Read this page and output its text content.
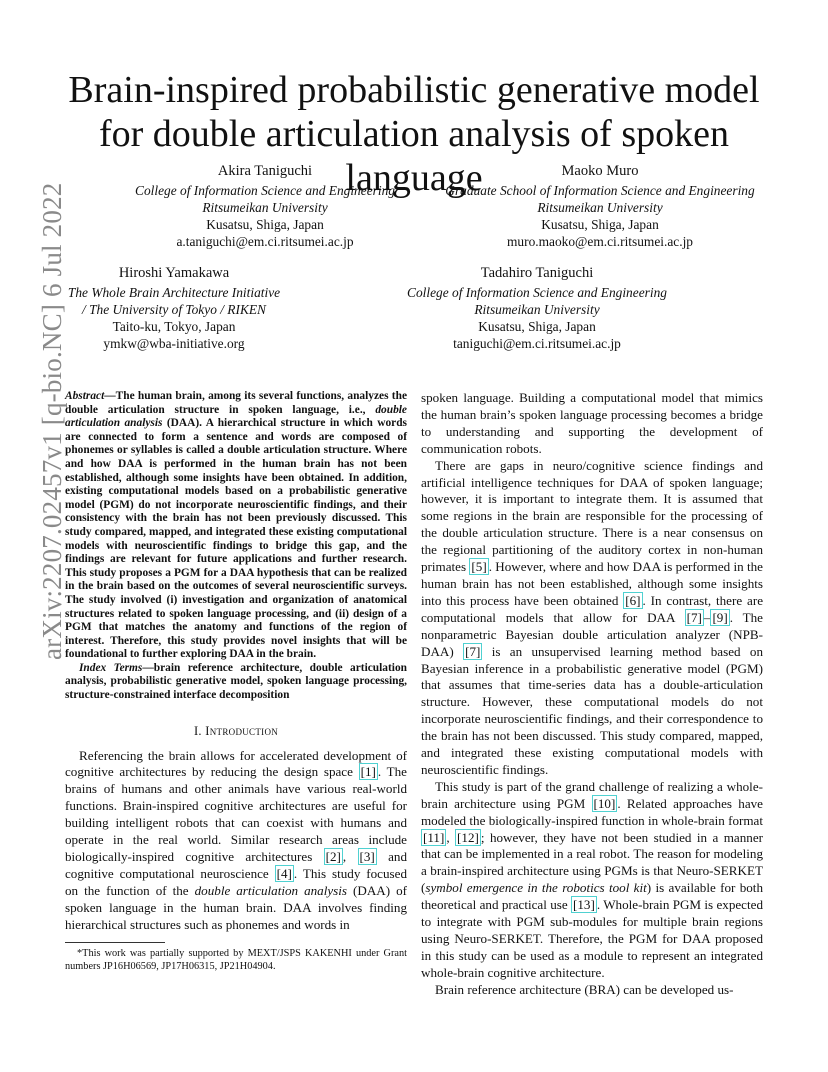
arXiv:2207.02457v1 [q-bio.NC] 6 Jul 2022
Brain-inspired probabilistic generative model for double articulation analysis of spoken language
Akira Taniguchi
College of Information Science and Engineering
Ritsumeikan University
Kusatsu, Shiga, Japan
a.taniguchi@em.ci.ritsumei.ac.jp
Maoko Muro
Graduate School of Information Science and Engineering
Ritsumeikan University
Kusatsu, Shiga, Japan
muro.maoko@em.ci.ritsumei.ac.jp
Hiroshi Yamakawa
The Whole Brain Architecture Initiative
/ The University of Tokyo / RIKEN
Taito-ku, Tokyo, Japan
ymkw@wba-initiative.org
Tadahiro Taniguchi
College of Information Science and Engineering
Ritsumeikan University
Kusatsu, Shiga, Japan
taniguchi@em.ci.ritsumei.ac.jp
Abstract—The human brain, among its several functions, analyzes the double articulation structure in spoken language, i.e., double articulation analysis (DAA). A hierarchical structure in which words are connected to form a sentence and words are composed of phonemes or syllables is called a double articulation structure. Where and how DAA is performed in the human brain has not been established, although some insights have been obtained. In addition, existing computational models based on a probabilistic generative model (PGM) do not incorporate neuroscientific findings, and their consistency with the brain has not been previously discussed. This study compared, mapped, and integrated these existing computational models with neuroscientific findings to bridge this gap, and the findings are relevant for future applications and further research. This study proposes a PGM for a DAA hypothesis that can be realized in the brain based on the outcomes of several neuroscientific surveys. The study involved (i) investigation and organization of anatomical structures related to spoken language processing, and (ii) design of a PGM that matches the anatomy and functions of the region of interest. Therefore, this study provides novel insights that will be foundational to further exploring DAA in the brain.
Index Terms—brain reference architecture, double articulation analysis, probabilistic generative model, spoken language processing, structure-constrained interface decomposition
I. Introduction

Referencing the brain allows for accelerated development of cognitive architectures by reducing the design space [1] . The brains of humans and other animals have various real-world functions. Brain-inspired cognitive architectures are useful for building intelligent robots that can coexist with humans and operate in the real world. Similar research areas include biologically-inspired cognitive architectures [2] , [3] and cognitive computational neuroscience [4] . This study focused on the function of the double articulation analysis (DAA) of spoken language in the human brain. DAA involves finding hierarchical structures such as phonemes and words in

*This work was partially supported by MEXT/JSPS KAKENHI under Grant numbers JP16H06569, JP17H06315, JP21H04904.

spoken language. Building a computational model that mimics the human brain’s spoken language processing becomes a bridge to understanding and supporting the development of communication robots.

There are gaps in neuro/cognitive science findings and artificial intelligence techniques for DAA of spoken language; however, it is important to integrate them. It is assumed that some regions in the brain are responsible for the processing of the double articulation structure. There is a near consensus on the regional partitioning of the auditory cortex in non-human primates [5] . However, where and how DAA is performed in the human brain has not been established, although some insights into this process have been obtained [6] . In contrast, there are computational models that allow for DAA [7] – [9] . The nonparametric Bayesian double articulation analyzer (NPB-DAA) [7] is an unsupervised learning method based on Bayesian inference in a probabilistic generative model (PGM) that assumes that time-series data has a double-articulation structure. However, these computational models do not incorporate neuroscientific findings, and their correspondence to the brain has not been discussed. This study compared, mapped, and integrated these existing computational models with neuroscientific findings.

This study is part of the grand challenge of realizing a whole-brain architecture using PGM [10] . Related approaches have modeled the biologically-inspired function in whole-brain format [11] , [12] ; however, they have not been studied in a manner that can be implemented in a real robot. The reason for modeling a brain-inspired architecture using PGMs is that Neuro-SERKET (symbol emergence in the robotics tool kit) is available for both theoretical and practical use [13] . Whole-brain PGM is expected to integrate with PGM sub-modules for multiple brain regions using Neuro-SERKET. Therefore, the PGM for DAA proposed in this study can be used as a module to represent an integrated whole-brain cognitive architecture.

Brain reference architecture (BRA) can be developed us-
